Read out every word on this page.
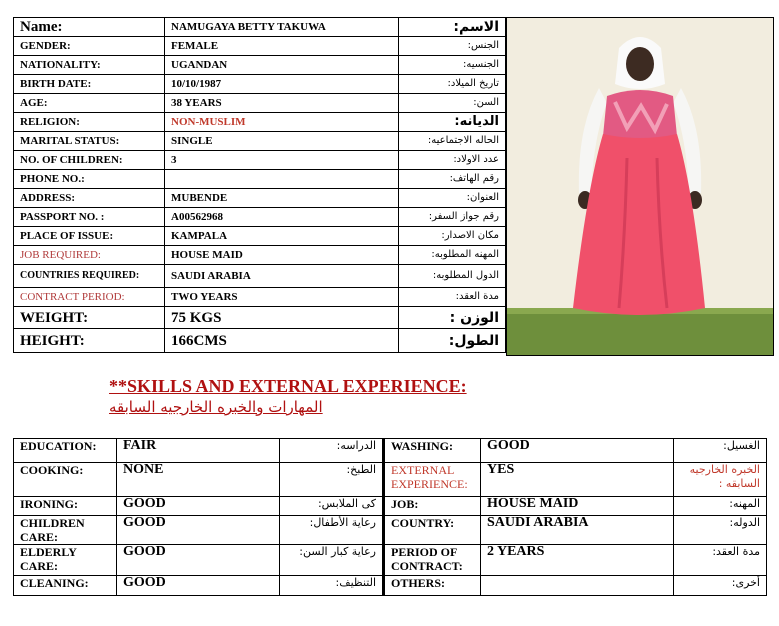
Name:	NAMUGAYA BETTY TAKUWA	الاسم:
GENDER:	FEMALE	الجنس:
NATIONALITY:	UGANDAN	الجنسيه:
BIRTH DATE:	10/10/1987	تاريخ الميلاد:
AGE:	38 YEARS	السن:
RELIGION:	NON-MUSLIM	الديانه:
MARITAL STATUS:	SINGLE	الحاله الاجتماعيه:
NO. OF CHILDREN:	3	عدد الاولاد:
PHONE NO.:		رقم الهاتف:
ADDRESS:	MUBENDE	العنوان:
PASSPORT NO. :	A00562968	رقم جواز السفر:
PLACE OF ISSUE:	KAMPALA	مكان الاصدار:
JOB REQUIRED:	HOUSE MAID	المهنه المطلوبه:
COUNTRIES REQUIRED:	SAUDI ARABIA	الدول المطلوبه:
CONTRACT PERIOD:	TWO YEARS	مدة العقد:
WEIGHT:	75 KGS	الوزن :
HEIGHT:	166CMS	الطول:
**SKILLS AND EXTERNAL EXPERIENCE:
المهارات والخبره الخارجيه السابقه
EDUCATION:	FAIR	الدراسه:	WASHING:	GOOD	الغسيل:
COOKING:	NONE	الطبخ:	EXTERNAL EXPERIENCE:	YES	الخبره الخارجيه السابقه :
IRONING:	GOOD	كى الملابس:	JOB:	HOUSE MAID	المهنه:
CHILDREN CARE:	GOOD	رعاية الأطفال:	COUNTRY:	SAUDI ARABIA	الدوله:
ELDERLY CARE:	GOOD	رعاية كبار السن:	PERIOD OF CONTRACT:	2 YEARS	مدة العقد:
CLEANING:	GOOD	التنظيف:	OTHERS:		أخرى:
